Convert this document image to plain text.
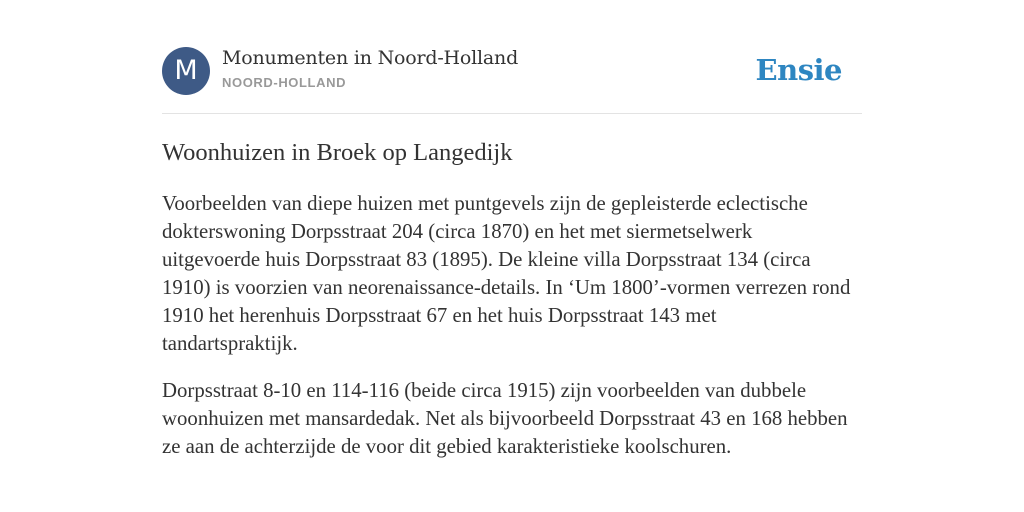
M	Monumenten in Noord-Holland
NOORD-HOLLAND	Ensie
Woonhuizen in Broek op Langedijk

Voorbeelden van diepe huizen met puntgevels zijn de gepleisterde eclectische dokterswoning Dorpsstraat 204 (circa 1870) en het met siermetselwerk uitgevoerde huis Dorpsstraat 83 (1895). De kleine villa Dorpsstraat 134 (circa 1910) is voorzien van neorenaissance-details. In ‘Um 1800’-vormen verrezen rond 1910 het herenhuis Dorpsstraat 67 en het huis Dorpsstraat 143 met tandartspraktijk.

Dorpsstraat 8-10 en 114-116 (beide circa 1915) zijn voorbeelden van dubbele woonhuizen met mansardedak. Net als bijvoorbeeld Dorpsstraat 43 en 168 hebben ze aan de achterzijde de voor dit gebied karakteristieke koolschuren.
